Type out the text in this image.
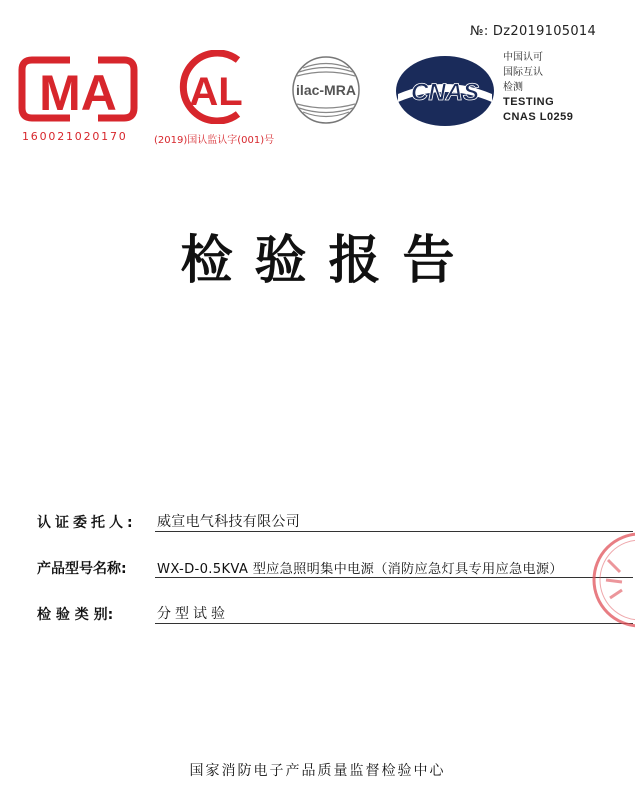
№: Dz2019105014
MA
160021020170
AL
(2019)国认监认字(001)号
ilac-MRA CNAS
中国认可
国际互认
检测
TESTING
CNAS L0259
检验报告
认证委托人:	威宣电气科技有限公司
产品型号名称:	WX-D-0.5KVA 型应急照明集中电源（消防应急灯具专用应急电源）
检 验 类 别:	分型试验
国家消防电子产品质量监督检验中心
